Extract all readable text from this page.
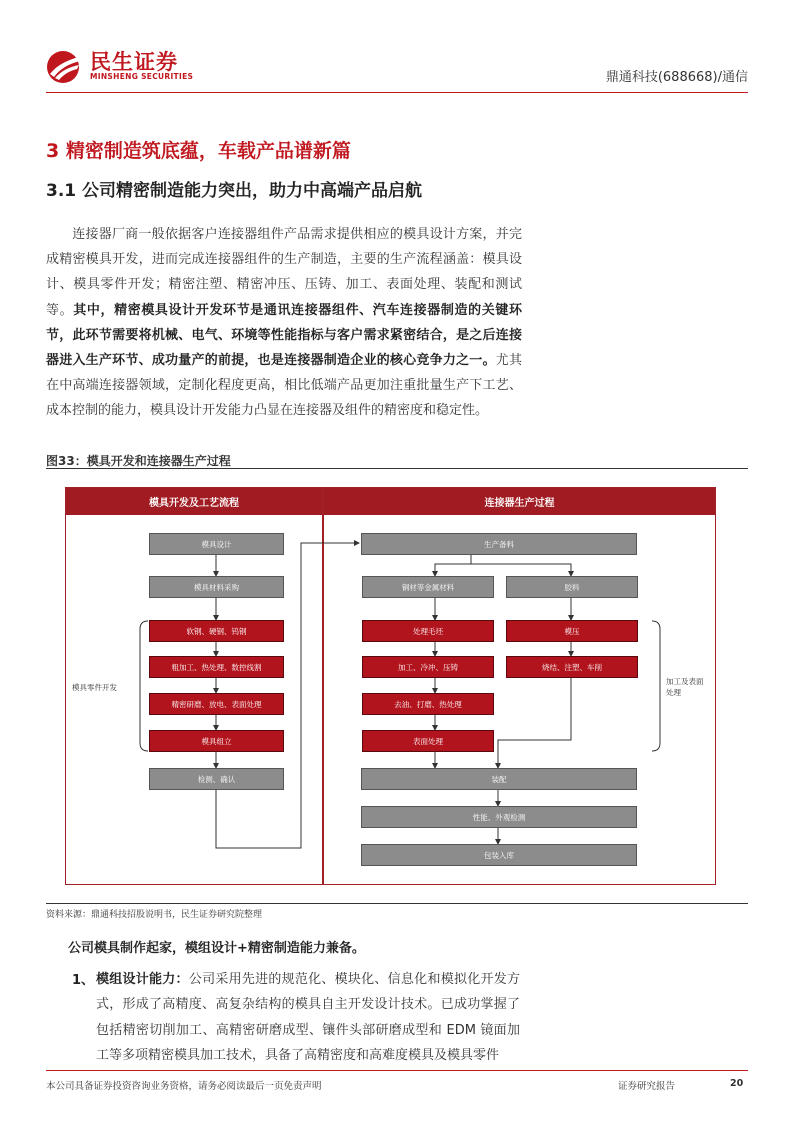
民生证券
MINSHENG SECURITIES	鼎通科技(688668)/通信
3 精密制造筑底蕴，车载产品谱新篇
3.1 公司精密制造能力突出，助力中高端产品启航
连接器厂商一般依据客户连接器组件产品需求提供相应的模具设计方案，并完成精密模具开发，进而完成连接器组件的生产制造，主要的生产流程涵盖：模具设计、模具零件开发；精密注塑、精密冲压、压铸、加工、表面处理、装配和测试等。其中，精密模具设计开发环节是通讯连接器组件、汽车连接器制造的关键环节，此环节需要将机械、电气、环境等性能指标与客户需求紧密结合，是之后连接器进入生产环节、成功量产的前提，也是连接器制造企业的核心竞争力之一。尤其在中高端连接器领域，定制化程度更高，相比低端产品更加注重批量生产下工艺、成本控制的能力，模具设计开发能力凸显在连接器及组件的精密度和稳定性。
图33：模具开发和连接器生产过程
模具开发及工艺流程	连接器生产过程
模具设计
模具材料采购
软钢、硬钢、钨钢
粗加工、热处理、数控线割
精密研磨、放电、表面处理
模具组立
检测、确认
模具零件开发
生产备料
铜材等金属材料	胶料
处理毛坯
加工、冷冲、压铸
去油、打磨、热处理
表面处理
模压
烧结、注塑、车削
装配
性能、外观检测
包装入库
加工及表面处理
资料来源：鼎通科技招股说明书，民生证券研究院整理
公司模具制作起家，模组设计+精密制造能力兼备。
1、 模组设计能力：公司采用先进的规范化、模块化、信息化和模拟化开发方式，形成了高精度、高复杂结构的模具自主开发设计技术。已成功掌握了包括精密切削加工、高精密研磨成型、镶件头部研磨成型和 EDM 镜面加工等多项精密模具加工技术，具备了高精密度和高难度模具及模具零件
本公司具备证券投资咨询业务资格，请务必阅读最后一页免责声明	证券研究报告	20
